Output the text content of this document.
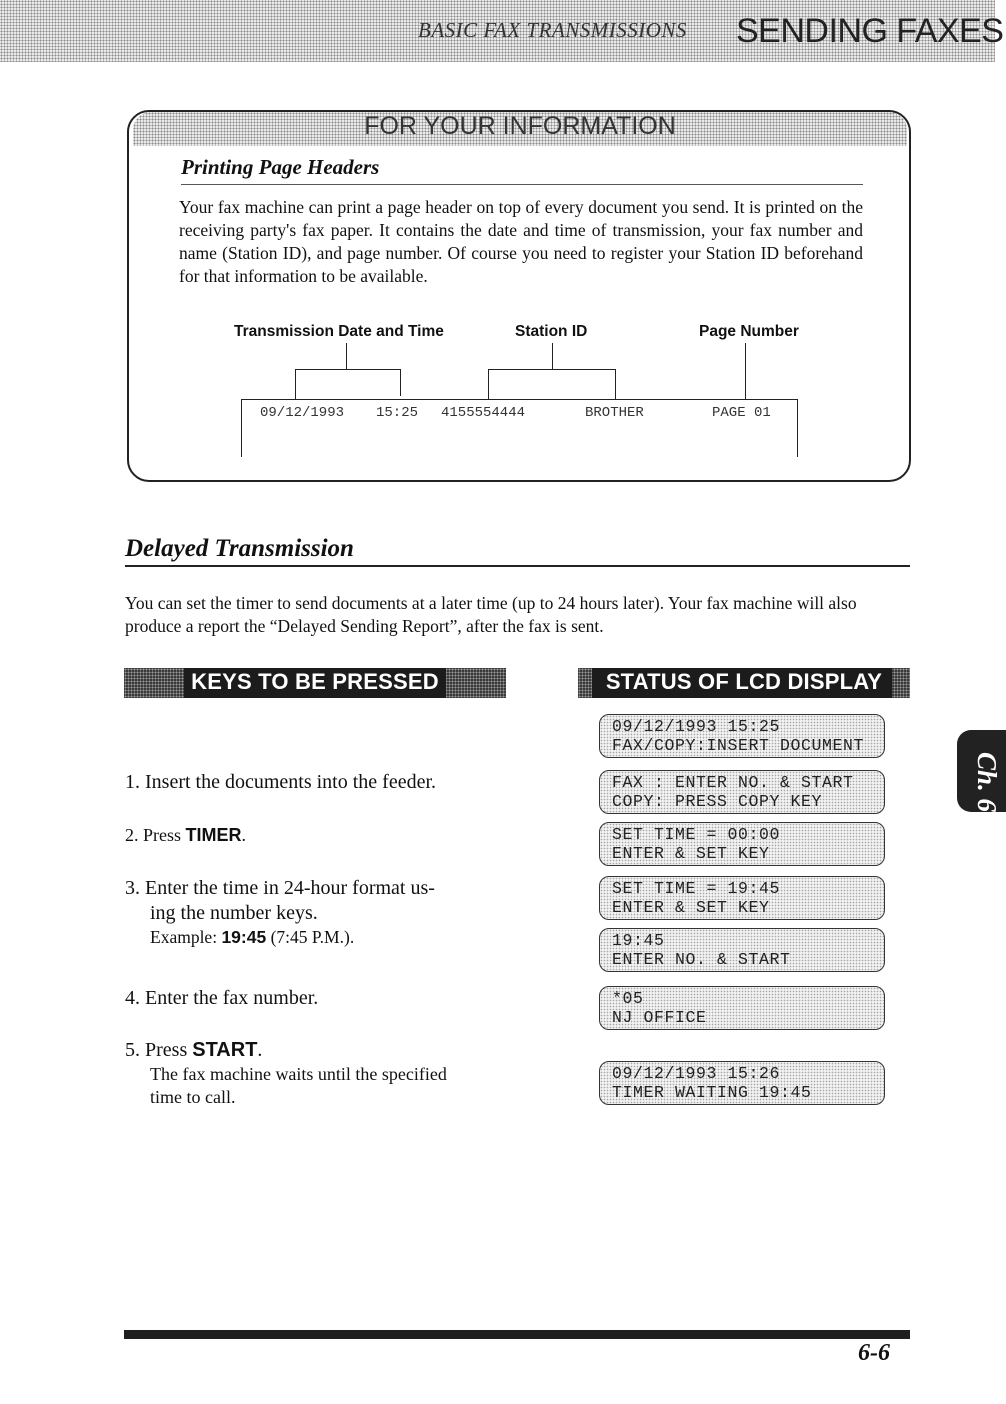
BASIC FAX TRANSMISSIONS SENDING FAXES
FOR YOUR INFORMATION
Printing Page Headers
Your fax machine can print a page header on top of every document you send. It is printed on the receiving party's fax paper. It contains the date and time of transmission, your fax number and name (Station ID), and page number. Of course you need to register your Station ID beforehand for that information to be available.
Transmission Date and Time	Station ID	Page Number
09/12/1993 15:25 4155554444	BROTHER	PAGE 01
Delayed Transmission
You can set the timer to send documents at a later time (up to 24 hours later). Your fax machine will also produce a report the “Delayed Sending Report”, after the fax is sent.
KEYS TO BE PRESSED	STATUS OF LCD DISPLAY
1. Insert the documents into the feeder.
2. Press TIMER.
3. Enter the time in 24-hour format us-
ing the number keys.
Example: 19:45 (7:45 P.M.).
4. Enter the fax number.
5. Press START.
The fax machine waits until the specified
time to call.
09/12/1993 15:25
FAX/COPY:INSERT DOCUMENT
FAX : ENTER NO. & START
COPY: PRESS COPY KEY
SET TIME = 00:00
ENTER & SET KEY
SET TIME = 19:45
ENTER & SET KEY
19:45
ENTER NO. & START
*05
NJ OFFICE
09/12/1993 15:26
TIMER WAITING 19:45
Ch. 6
6-6
